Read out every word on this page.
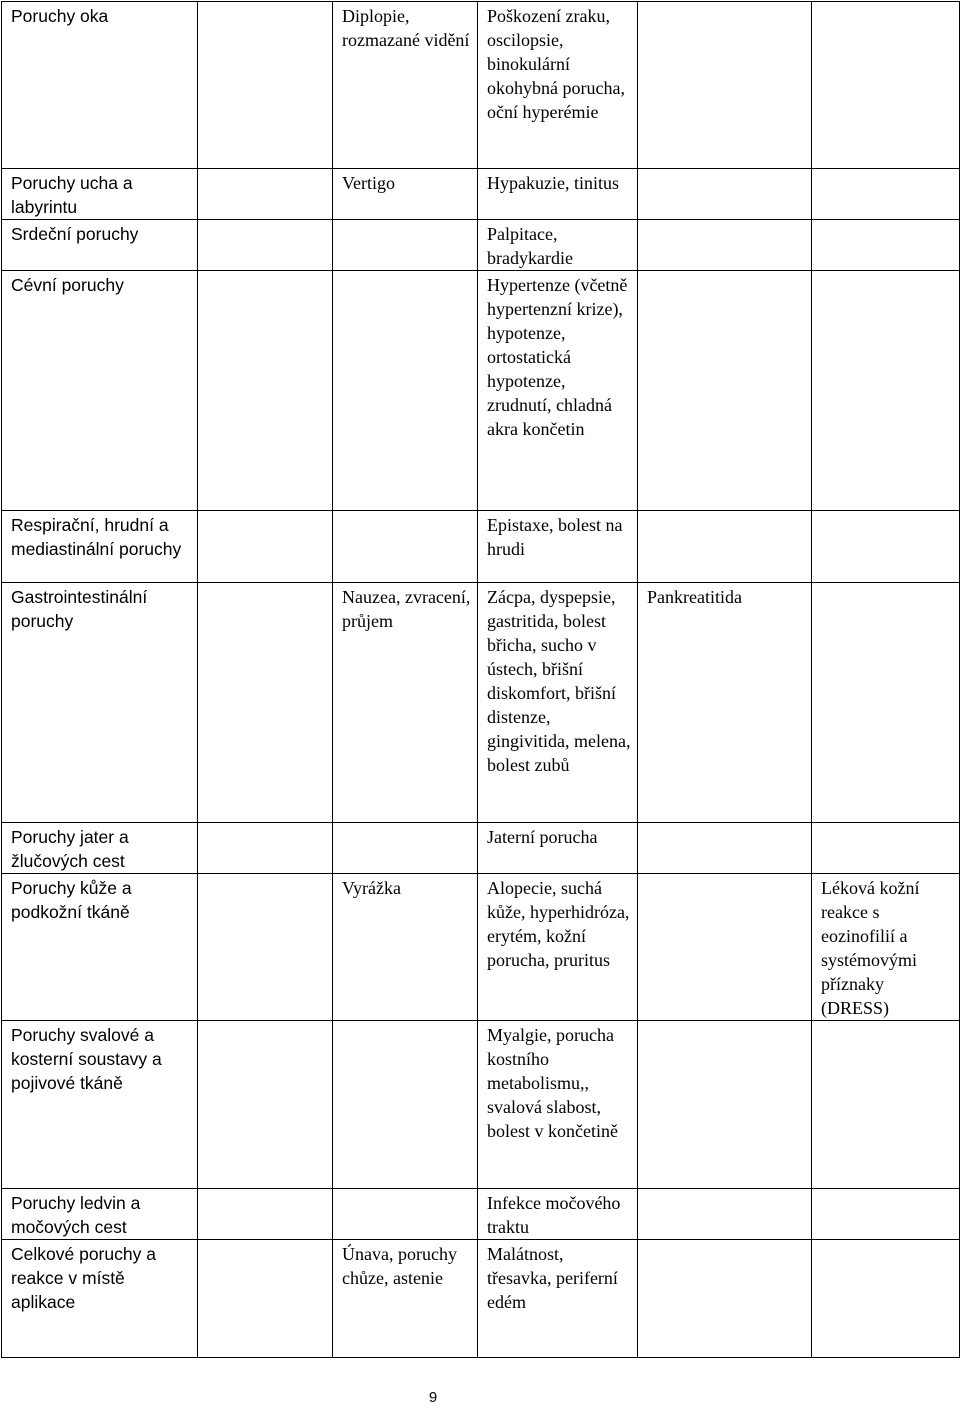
Poruchy oka		Diplopie, rozmazané vidění	Poškození zraku, oscilopsie, binokulární okohybná porucha, oční hyperémie		
Poruchy ucha a labyrintu		Vertigo	Hypakuzie, tinitus		
Srdeční poruchy			Palpitace, bradykardie		
Cévní poruchy			Hypertenze (včetně hypertenzní krize), hypotenze, ortostatická hypotenze, zrudnutí, chladná akra končetin		
Respirační, hrudní a mediastinální poruchy			Epistaxe, bolest na hrudi		
Gastrointestinální poruchy		Nauzea, zvracení, průjem	Zácpa, dyspepsie, gastritida, bolest břicha, sucho v ústech, břišní diskomfort, břišní distenze, gingivitida, melena, bolest zubů	Pankreatitida	
Poruchy jater a žlučových cest			Jaterní porucha		
Poruchy kůže a podkožní tkáně		Vyrážka	Alopecie, suchá kůže, hyperhidróza, erytém, kožní porucha, pruritus		Léková kožní reakce s eozinofilií a systémovými příznaky (DRESS)
Poruchy svalové a kosterní soustavy a pojivové tkáně			Myalgie, porucha kostního metabolismu,, svalová slabost, bolest v končetině		
Poruchy ledvin a močových cest			Infekce močového traktu		
Celkové poruchy a reakce v místě aplikace		Únava, poruchy chůze, astenie	Malátnost, třesavka, periferní edém		
9
